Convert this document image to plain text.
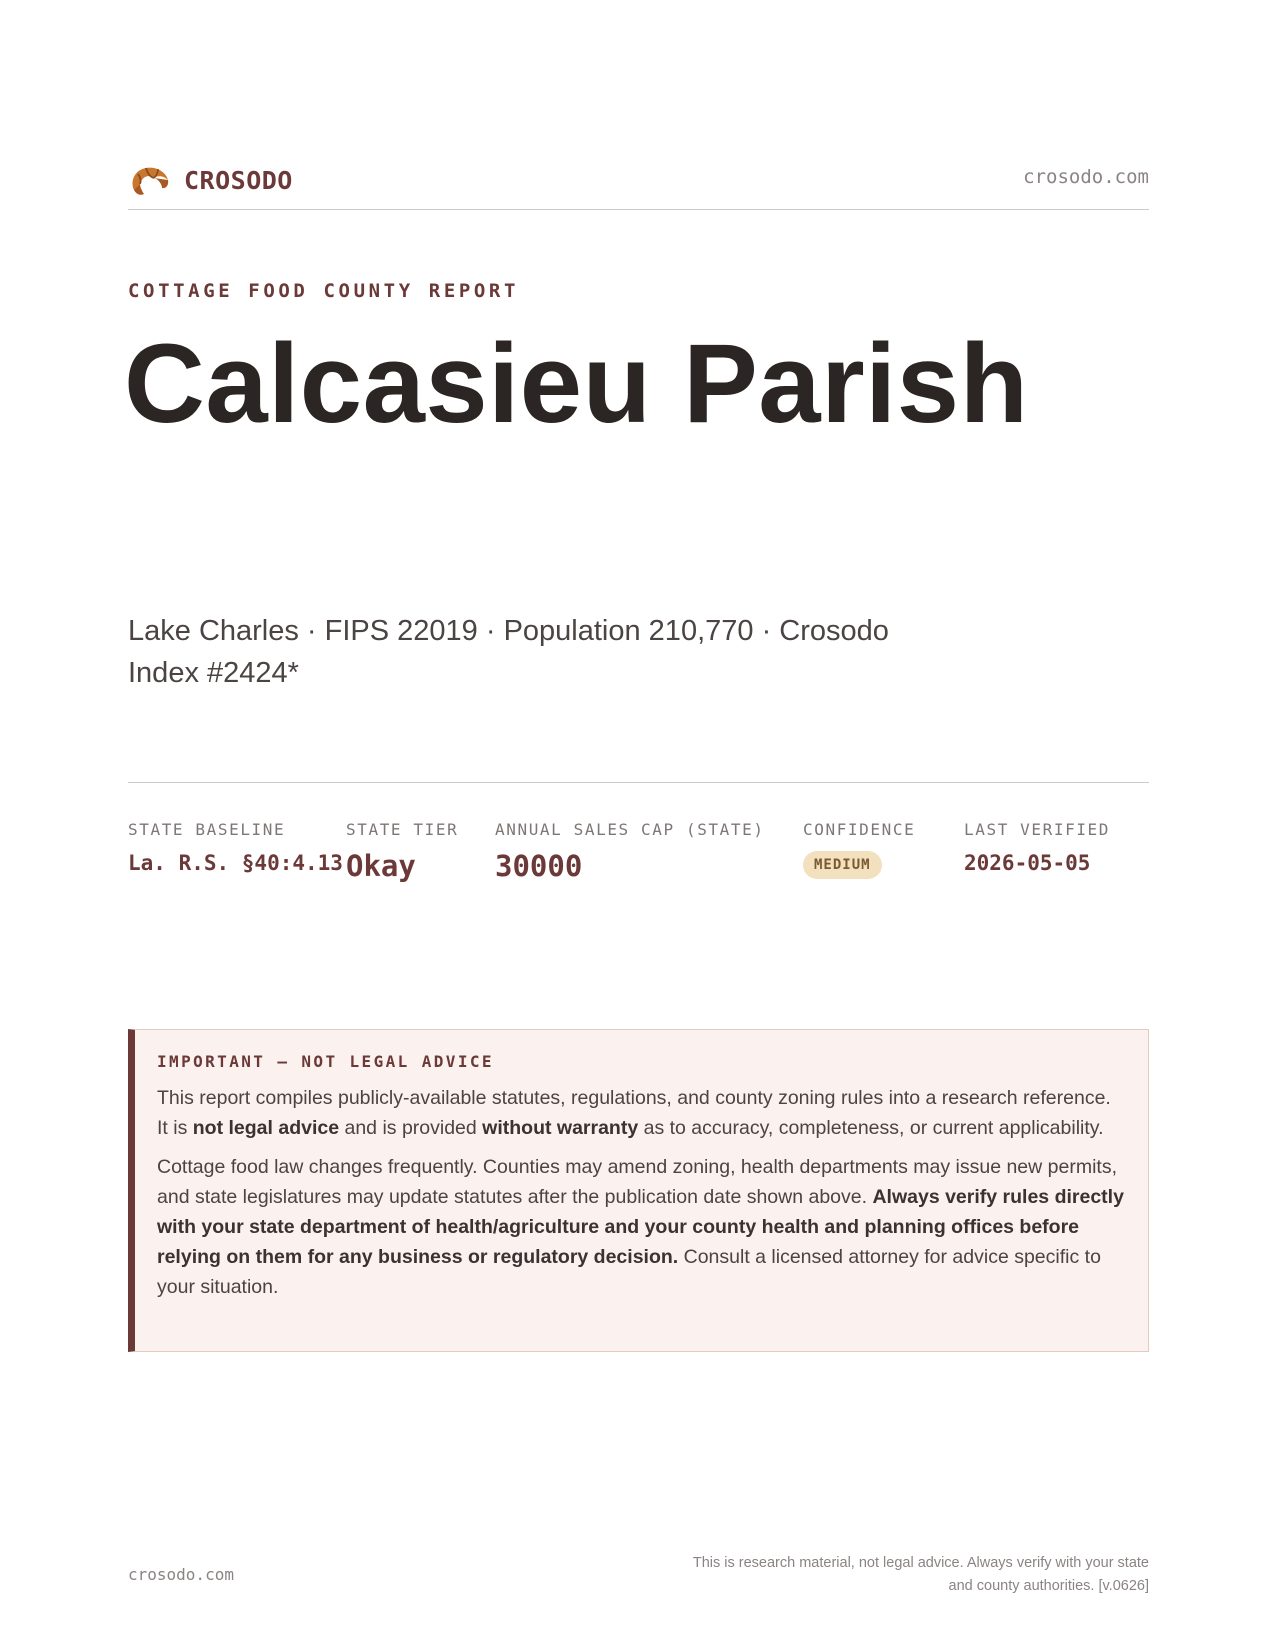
CROSODO	crosodo.com
COTTAGE FOOD COUNTY REPORT
Calcasieu Parish
Lake Charles · FIPS 22019 · Population 210,770 · Crosodo Index #2424*
STATE BASELINE
La. R.S. §40:4.13
STATE TIER
Okay
ANNUAL SALES CAP (STATE)
30000
CONFIDENCE
MEDIUM
LAST VERIFIED
2026-05-05
IMPORTANT — NOT LEGAL ADVICE

This report compiles publicly-available statutes, regulations, and county zoning rules into a research reference. It is not legal advice and is provided without warranty as to accuracy, completeness, or current applicability.

Cottage food law changes frequently. Counties may amend zoning, health departments may issue new permits, and state legislatures may update statutes after the publication date shown above. Always verify rules directly with your state department of health/agriculture and your county health and planning offices before relying on them for any business or regulatory decision. Consult a licensed attorney for advice specific to your situation.

crosodo.com
This is research material, not legal advice. Always verify with your state
and county authorities. [v.0626]
